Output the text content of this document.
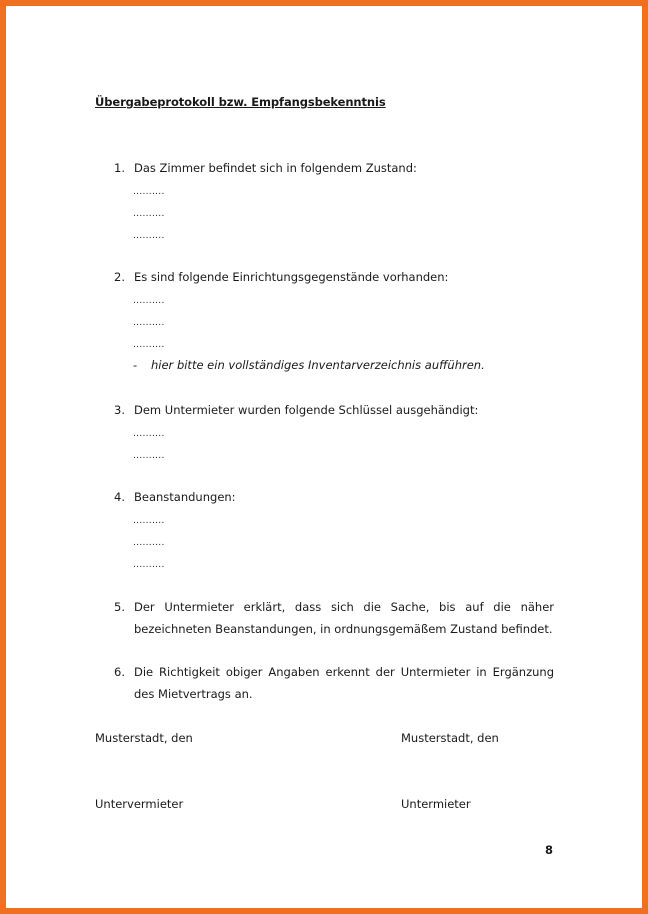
Übergabeprotokoll bzw. Empfangsbekenntnis
1. Das Zimmer befindet sich in folgendem Zustand:
..........
..........
..........
2. Es sind folgende Einrichtungsgegenstände vorhanden:
..........
..........
..........
-	hier bitte ein vollständiges Inventarverzeichnis aufführen.
3. Dem Untermieter wurden folgende Schlüssel ausgehändigt:
..........
..........
4. Beanstandungen:
..........
..........
..........
5. Der Untermieter erklärt, dass sich die Sache, bis auf die näher bezeichneten Beanstandungen, in ordnungsgemäßem Zustand befindet.
6. Die Richtigkeit obiger Angaben erkennt der Untermieter in Ergänzung des Mietvertrags an.
Musterstadt, den	Musterstadt, den
Untervermieter	Untermieter
8
